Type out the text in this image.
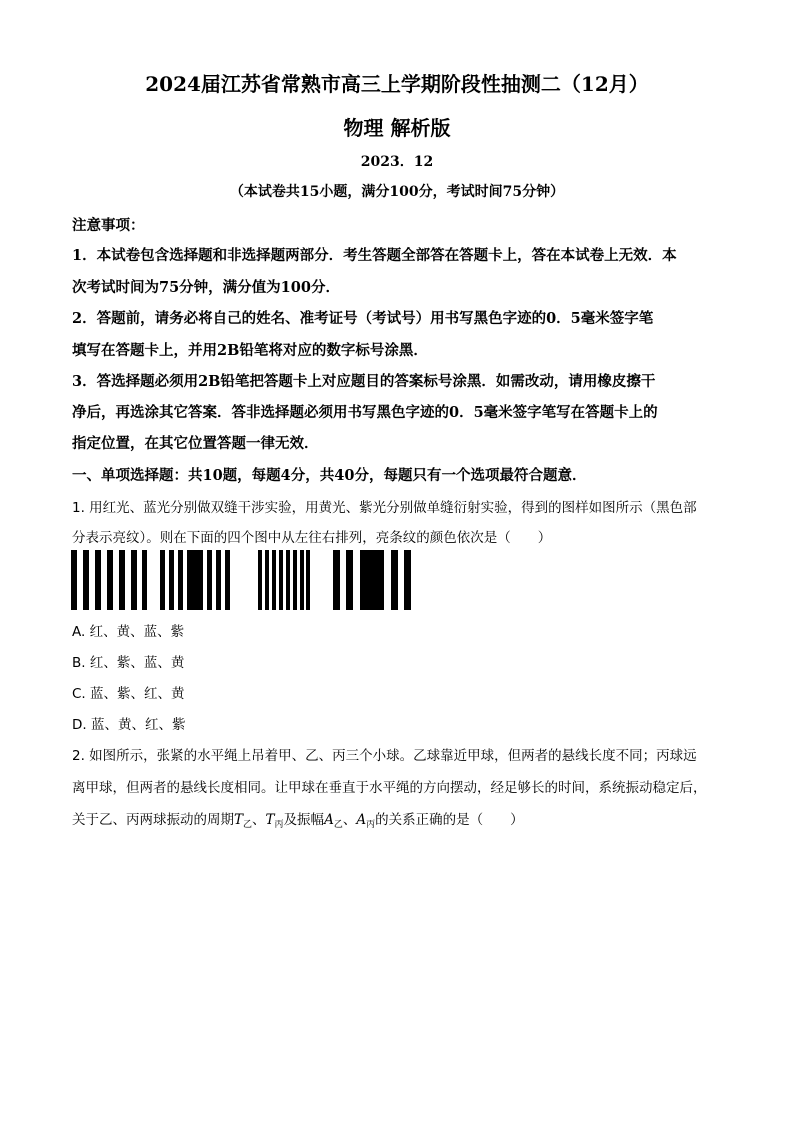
2024届江苏省常熟市高三上学期阶段性抽测二（12月）
物理 解析版
2023．12
（本试卷共15小题，满分100分，考试时间75分钟）
注意事项：
1．本试卷包含选择题和非选择题两部分．考生答题全部答在答题卡上，答在本试卷上无效．本
次考试时间为75分钟，满分值为100分．
2．答题前，请务必将自己的姓名、准考证号（考试号）用书写黑色字迹的0．5毫米签字笔
填写在答题卡上，并用2B铅笔将对应的数字标号涂黑．
3．答选择题必须用2B铅笔把答题卡上对应题目的答案标号涂黑．如需改动，请用橡皮擦干
净后，再选涂其它答案．答非选择题必须用书写黑色字迹的0．5毫米签字笔写在答题卡上的
指定位置，在其它位置答题一律无效．
一、单项选择题：共10题，每题4分，共40分，每题只有一个选项最符合题意．
1. 用红光、蓝光分别做双缝干涉实验，用黄光、紫光分别做单缝衍射实验，得到的图样如图所示（黑色部
分表示亮纹）。则在下面的四个图中从左往右排列，亮条纹的颜色依次是（　　）
A. 红、黄、蓝、紫
B. 红、紫、蓝、黄
C. 蓝、紫、红、黄
D. 蓝、黄、红、紫
2. 如图所示，张紧的水平绳上吊着甲、乙、丙三个小球。乙球靠近甲球，但两者的悬线长度不同；丙球远
离甲球，但两者的悬线长度相同。让甲球在垂直于水平绳的方向摆动，经足够长的时间，系统振动稳定后，
关于乙、丙两球振动的周期$T_乙$、$T_丙$及振幅$A_乙$、$A_丙$的关系正确的是（　　）
